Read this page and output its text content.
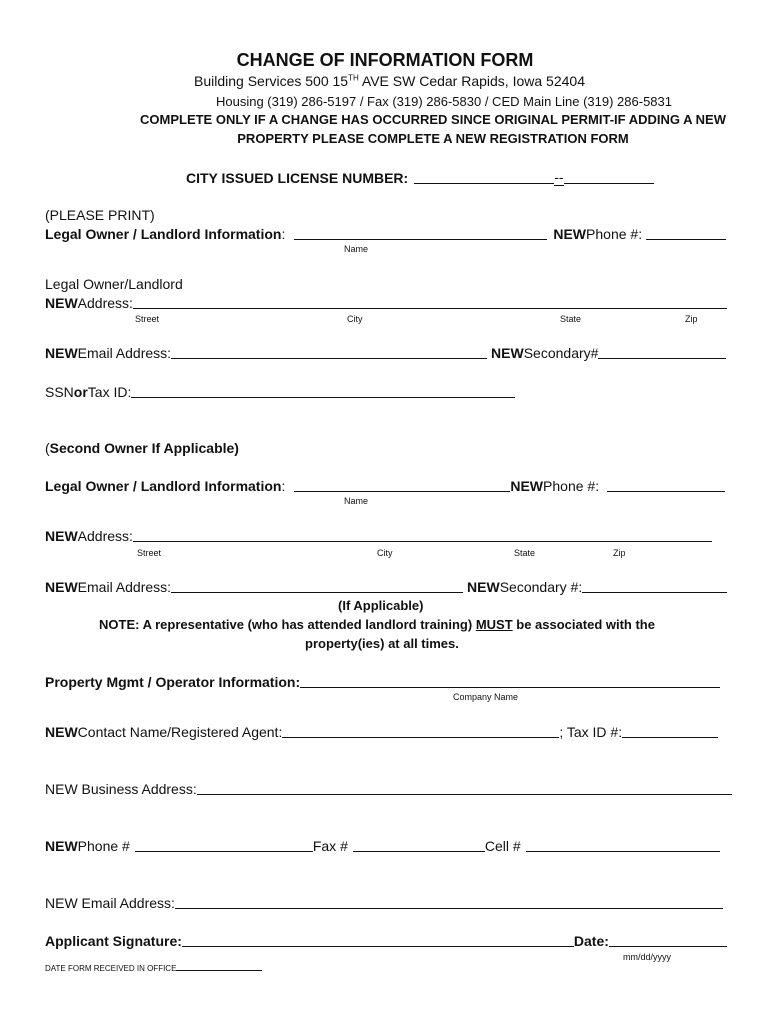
CHANGE OF INFORMATION FORM
Building Services 500 15TH AVE SW Cedar Rapids, Iowa 52404
Housing (319) 286-5197 / Fax (319) 286-5830 / CED Main Line (319) 286-5831
COMPLETE ONLY IF A CHANGE HAS OCCURRED SINCE ORIGINAL PERMIT-IF ADDING A NEW
PROPERTY PLEASE COMPLETE A NEW REGISTRATION FORM
CITY ISSUED LICENSE NUMBER:	--
(PLEASE PRINT)
Legal Owner / Landlord Information :	NEW Phone #:
Name
Legal Owner/Landlord
NEW Address:
Street	City	State	Zip
NEW Email Address:	NEW Secondary#
SSN or Tax ID:
(Second Owner If Applicable)
Legal Owner / Landlord Information :	NEW Phone #:
Name
NEW Address:
Street	City	State	Zip
NEW Email Address:	NEW Secondary #:
(If Applicable)
NOTE: A representative (who has attended landlord training) MUST be associated with the
property(ies) at all times.
Property Mgmt / Operator Information:
Company Name
NEW Contact Name/Registered Agent:	; Tax ID #:
NEW Business Address:
NEW Phone #	Fax #	Cell #
NEW Email Address:
Applicant Signature:	Date:
mm/dd/yyyy
DATE FORM RECEIVED IN OFFICE
